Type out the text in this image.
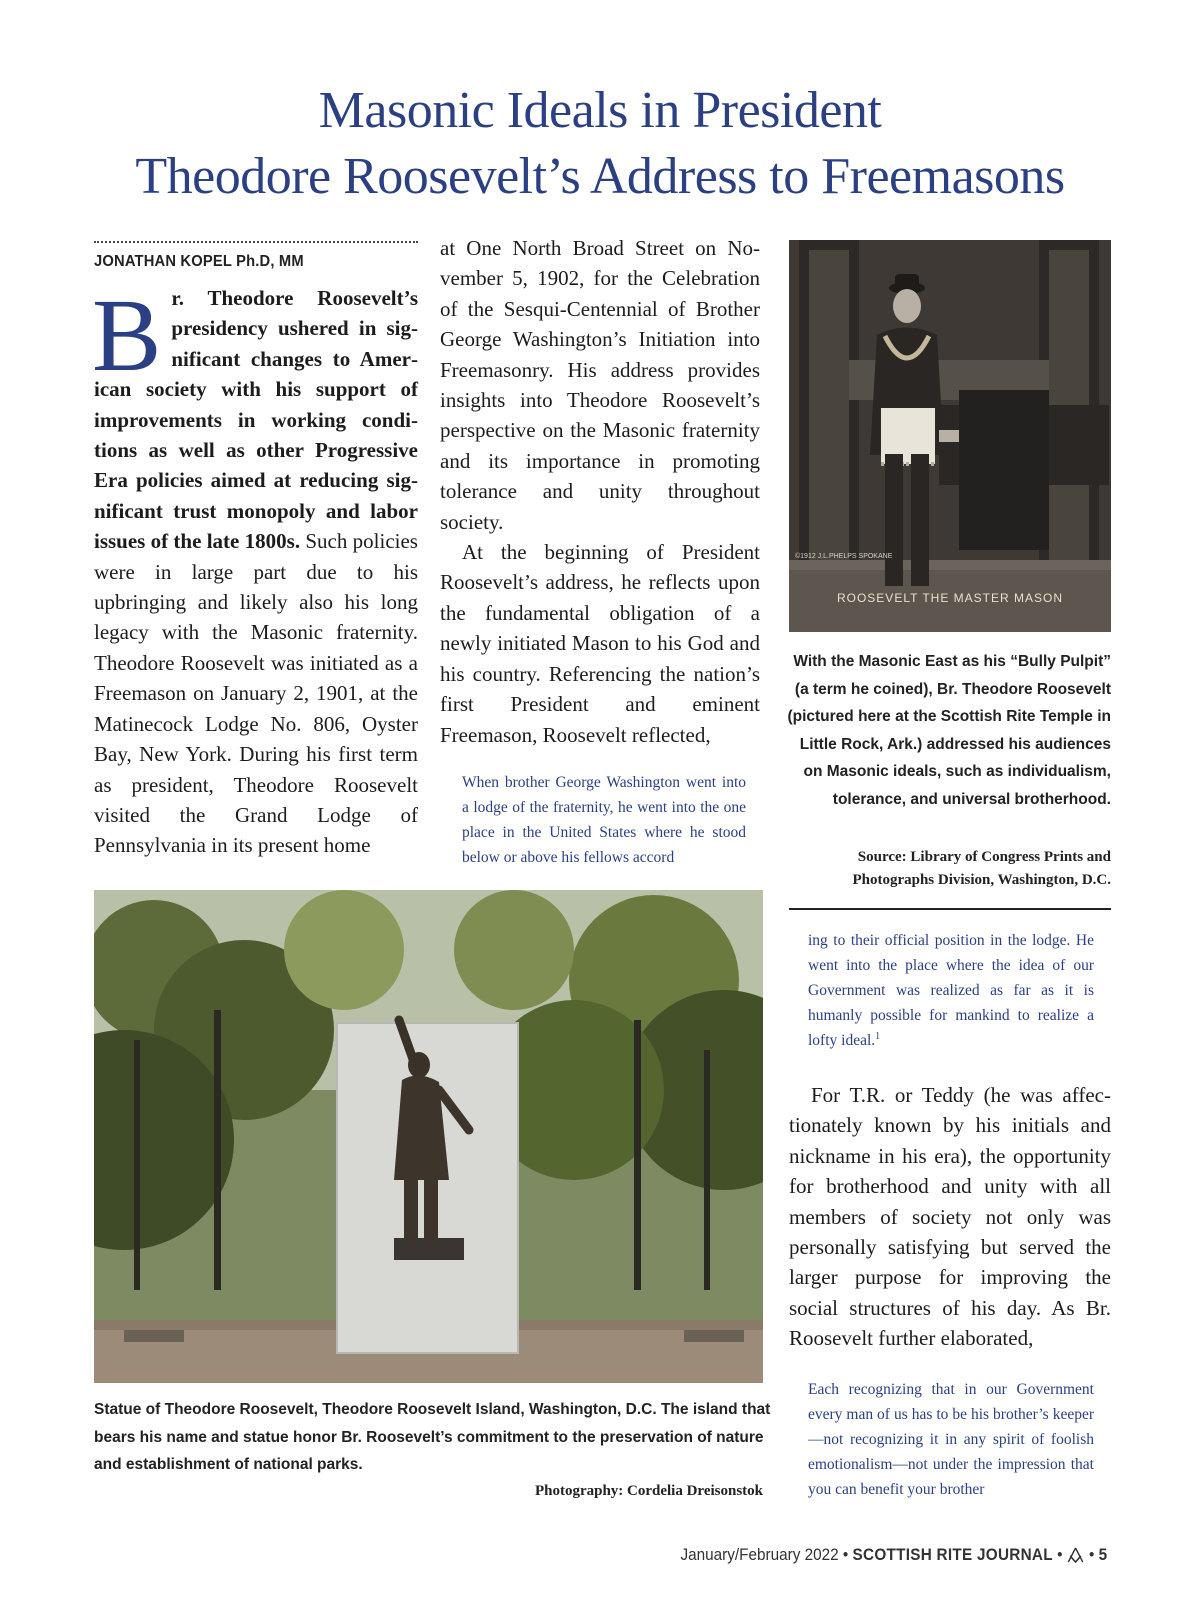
Masonic Ideals in President
Theodore Roosevelt’s Address to Freemasons
JONATHAN KOPEL Ph.D, MM

B r. Theodore Roosevelt’s presidency ushered in significant changes to American society with his support of improvements in working conditions as well as other Progressive Era policies aimed at reducing significant trust monopoly and labor issues of the late 1800s. Such policies were in large part due to his upbringing and likely also his long legacy with the Masonic fraternity. Theodore Roosevelt was initiated as a Freemason on January 2, 1901, at the Matinecock Lodge No. 806, Oyster Bay, New York. During his first term as president, Theodore Roosevelt visited the Grand Lodge of Pennsylvania in its present home

at One North Broad Street on November 5, 1902, for the Celebration of the Sesqui-Centennial of Brother George Washington’s Initiation into Freemasonry. His address provides insights into Theodore Roosevelt’s perspective on the Masonic fraternity and its importance in promoting tolerance and unity throughout society.

At the beginning of President Roosevelt’s address, he reflects upon the fundamental obligation of a newly initiated Mason to his God and his country. Referencing the nation’s first President and eminent Freemason, Roosevelt reflected,

When brother George Washington went into a lodge of the fraternity, he went into the one place in the United States where he stood below or above his fellows accord

©1912 J.L.PHELPS SPOKANE
ROOSEVELT THE MASTER MASON
With the Masonic East as his “Bully Pulpit” (a term he coined), Br. Theodore Roosevelt (pictured here at the Scottish Rite Temple in Little Rock, Ark.) addressed his audiences on Masonic ideals, such as individualism, tolerance, and universal brotherhood.
Source: Library of Congress Prints and Photographs Division, Washington, D.C.

ing to their official position in the lodge. He went into the place where the idea of our Government was realized as far as it is humanly possible for mankind to realize a lofty ideal.$^1$

For T.R. or Teddy (he was affectionately known by his initials and nickname in his era), the opportunity for brotherhood and unity with all members of society not only was personally satisfying but served the larger purpose for improving the social structures of his day. As Br. Roosevelt further elaborated,

Each recognizing that in our Government every man of us has to be his brother’s keeper—not recognizing it in any spirit of foolish emotionalism—not under the impression that you can benefit your brother

Statue of Theodore Roosevelt, Theodore Roosevelt Island, Washington, D.C. The island that bears his name and statue honor Br. Roosevelt’s commitment to the preservation of nature and establishment of national parks.
Photography: Cordelia Dreisonstok
January/February 2022 • SCOTTISH RITE JOURNAL • • 5
